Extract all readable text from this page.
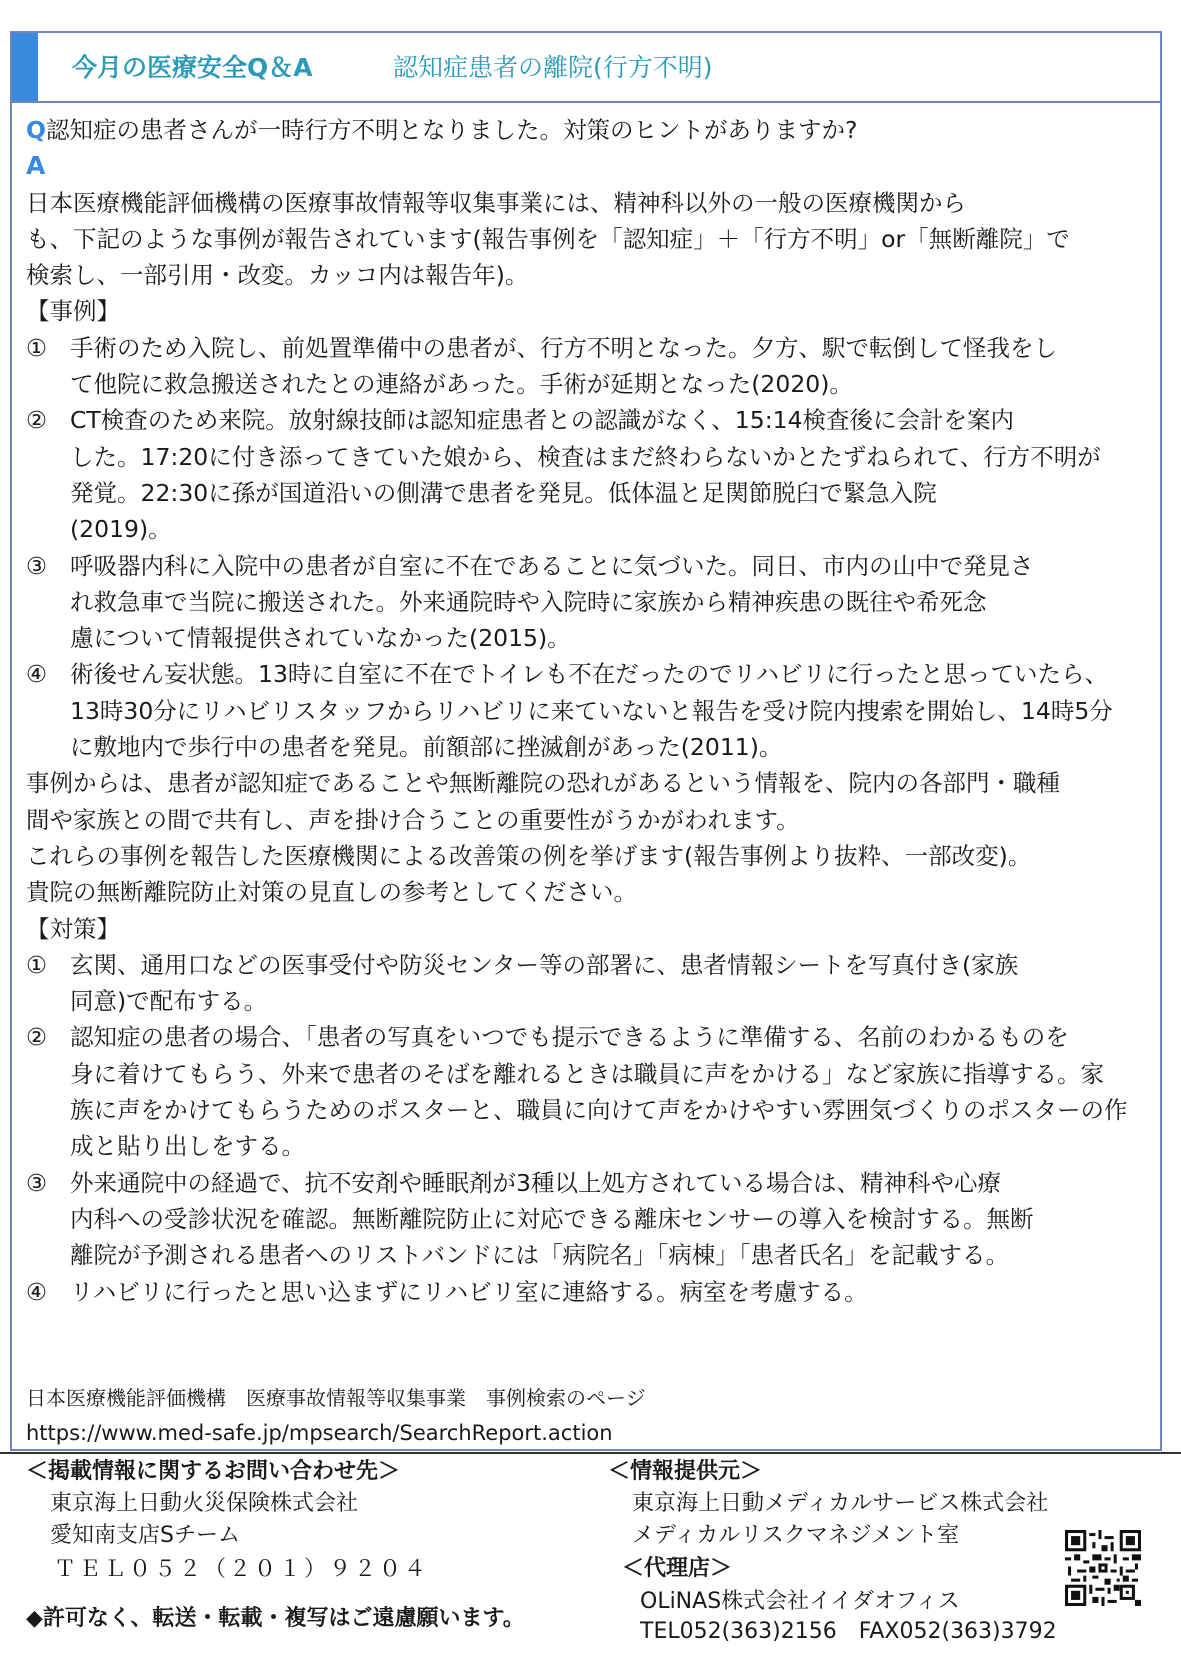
今月の医療安全Q＆A	認知症患者の離院(行方不明)
Q認知症の患者さんが一時行方不明となりました。対策のヒントがありますか?
A
日本医療機能評価機構の医療事故情報等収集事業には、精神科以外の一般の医療機関から
も、下記のような事例が報告されています(報告事例を「認知症」＋「行方不明」or「無断離院」で
検索し、一部引用・改変。カッコ内は報告年)。
【事例】
① 手術のため入院し、前処置準備中の患者が、行方不明となった。夕方、駅で転倒して怪我をし
て他院に救急搬送されたとの連絡があった。手術が延期となった(2020)。
② CT検査のため来院。放射線技師は認知症患者との認識がなく、15:14検査後に会計を案内
した。17:20に付き添ってきていた娘から、検査はまだ終わらないかとたずねられて、行方不明が
発覚。22:30に孫が国道沿いの側溝で患者を発見。低体温と足関節脱臼で緊急入院
(2019)。
③ 呼吸器内科に入院中の患者が自室に不在であることに気づいた。同日、市内の山中で発見さ
れ救急車で当院に搬送された。外来通院時や入院時に家族から精神疾患の既往や希死念
慮について情報提供されていなかった(2015)。
④ 術後せん妄状態。13時に自室に不在でトイレも不在だったのでリハビリに行ったと思っていたら、
13時30分にリハビリスタッフからリハビリに来ていないと報告を受け院内捜索を開始し、14時5分
に敷地内で歩行中の患者を発見。前額部に挫滅創があった(2011)。
事例からは、患者が認知症であることや無断離院の恐れがあるという情報を、院内の各部門・職種
間や家族との間で共有し、声を掛け合うことの重要性がうかがわれます。
これらの事例を報告した医療機関による改善策の例を挙げます(報告事例より抜粋、一部改変)。
貴院の無断離院防止対策の見直しの参考としてください。
【対策】
① 玄関、通用口などの医事受付や防災センター等の部署に、患者情報シートを写真付き(家族
同意)で配布する。
② 認知症の患者の場合、「患者の写真をいつでも提示できるように準備する、名前のわかるものを
身に着けてもらう、外来で患者のそばを離れるときは職員に声をかける」など家族に指導する。家
族に声をかけてもらうためのポスターと、職員に向けて声をかけやすい雰囲気づくりのポスターの作
成と貼り出しをする。
③ 外来通院中の経過で、抗不安剤や睡眠剤が3種以上処方されている場合は、精神科や心療
内科への受診状況を確認。無断離院防止に対応できる離床センサーの導入を検討する。無断
離院が予測される患者へのリストバンドには「病院名」「病棟」「患者氏名」を記載する。
④ リハビリに行ったと思い込まずにリハビリ室に連絡する。病室を考慮する。
日本医療機能評価機構　医療事故情報等収集事業　事例検索のページ
https://www.med-safe.jp/mpsearch/SearchReport.action
＜掲載情報に関するお問い合わせ先＞
東京海上日動火災保険株式会社
愛知南支店Sチーム
ＴＥＬ０５２（２０１）９２０４
◆許可なく、転送・転載・複写はご遠慮願います。
＜情報提供元＞
東京海上日動メディカルサービス株式会社
メディカルリスクマネジメント室
＜代理店＞
OLiNAS株式会社イイダオフィス
TEL052(363)2156　FAX052(363)3792
